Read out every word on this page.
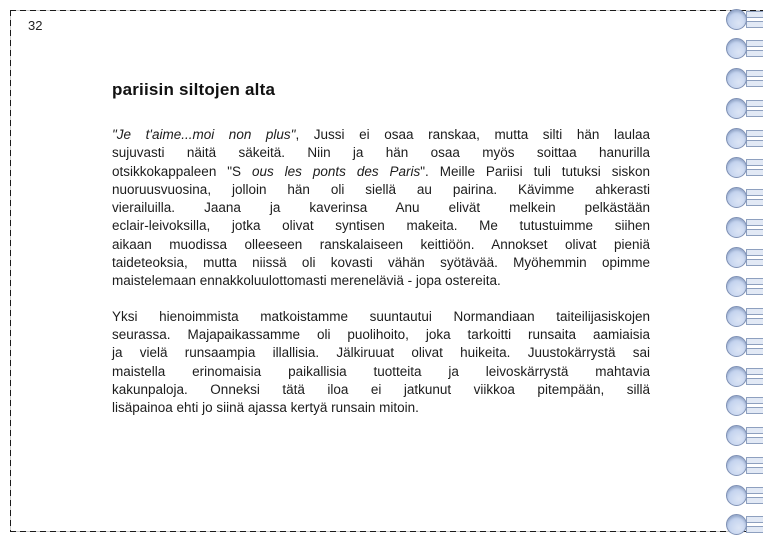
32
pariisin siltojen alta
"Je t'aime...moi non plus", Jussi ei osaa ranskaa, mutta silti hän laulaa
sujuvasti näitä säkeitä. Niin ja hän osaa myös soittaa hanurilla
otsikkokappaleen "S ous les ponts des Paris". Meille Pariisi tuli tutuksi siskon
nuoruusvuosina, jolloin hän oli siellä au pairina. Kävimme ahkerasti
vierailuilla. Jaana ja kaverinsa Anu elivät melkein pelkästään
eclair-leivoksilla, jotka olivat syntisen makeita. Me tutustuimme siihen
aikaan muodissa olleeseen ranskalaiseen keittiöön. Annokset olivat pieniä
taideteoksia, mutta niissä oli kovasti vähän syötävää. Myöhemmin opimme
maistelemaan ennakkoluulottomasti mereneläviä - jopa ostereita.
Yksi hienoimmista matkoistamme suuntautui Normandiaan taiteilijasiskojen
seurassa. Majapaikassamme oli puolihoito, joka tarkoitti runsaita aamiaisia
ja vielä runsaampia illallisia. Jälkiruuat olivat huikeita. Juustokärrystä sai
maistella erinomaisia paikallisia tuotteita ja leivoskärrystä mahtavia
kakunpaloja. Onneksi tätä iloa ei jatkunut viikkoa pitempään, sillä
lisäpainoa ehti jo siinä ajassa kertyä runsain mitoin.
